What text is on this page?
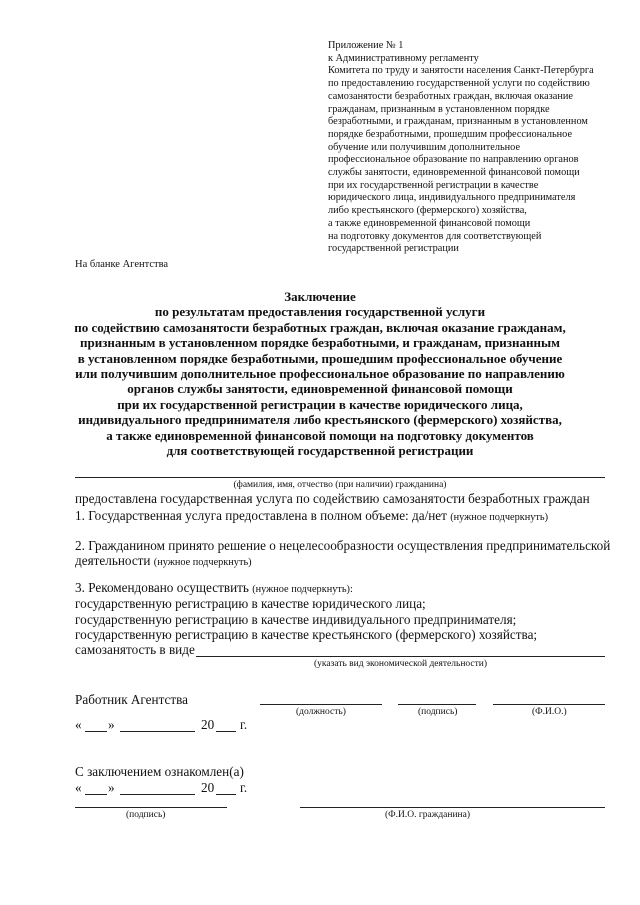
Приложение № 1
к Административному регламенту
Комитета по труду и занятости населения Санкт-Петербурга
по предоставлению государственной услуги по содействию
самозанятости безработных граждан, включая оказание
гражданам, признанным в установленном порядке
безработными, и гражданам, признанным в установленном
порядке безработными, прошедшим профессиональное
обучение или получившим дополнительное
профессиональное образование по направлению органов
службы занятости, единовременной финансовой помощи
при их государственной регистрации в качестве
юридического лица, индивидуального предпринимателя
либо крестьянского (фермерского) хозяйства,
а также единовременной финансовой помощи
на подготовку документов для соответствующей
государственной регистрации
На бланке Агентства
Заключение
по результатам предоставления государственной услуги
по содействию самозанятости безработных граждан, включая оказание гражданам,
признанным в установленном порядке безработными, и гражданам, признанным
в установленном порядке безработными, прошедшим профессиональное обучение
или получившим дополнительное профессиональное образование по направлению
органов службы занятости, единовременной финансовой помощи
при их государственной регистрации в качестве юридического лица,
индивидуального предпринимателя либо крестьянского (фермерского) хозяйства,
а также единовременной финансовой помощи на подготовку документов
для соответствующей государственной регистрации
(фамилия, имя, отчество (при наличии) гражданина)
предоставлена государственная услуга по содействию самозанятости безработных граждан
1. Государственная услуга предоставлена в полном объеме: да/нет (нужное подчеркнуть)
2. Гражданином принято решение о нецелесообразности осуществления предпринимательской
деятельности (нужное подчеркнуть)
3. Рекомендовано осуществить (нужное подчеркнуть):
государственную регистрацию в качестве юридического лица;
государственную регистрацию в качестве индивидуального предпринимателя;
государственную регистрацию в качестве крестьянского (фермерского) хозяйства;
самозанятость в виде
(указать вид экономической деятельности)
Работник Агентства
(должность)	(подпись)	(Ф.И.О.)
« »	20 г.
С заключением ознакомлен(а)
« »	20 г.
(подпись)	(Ф.И.О. гражданина)
